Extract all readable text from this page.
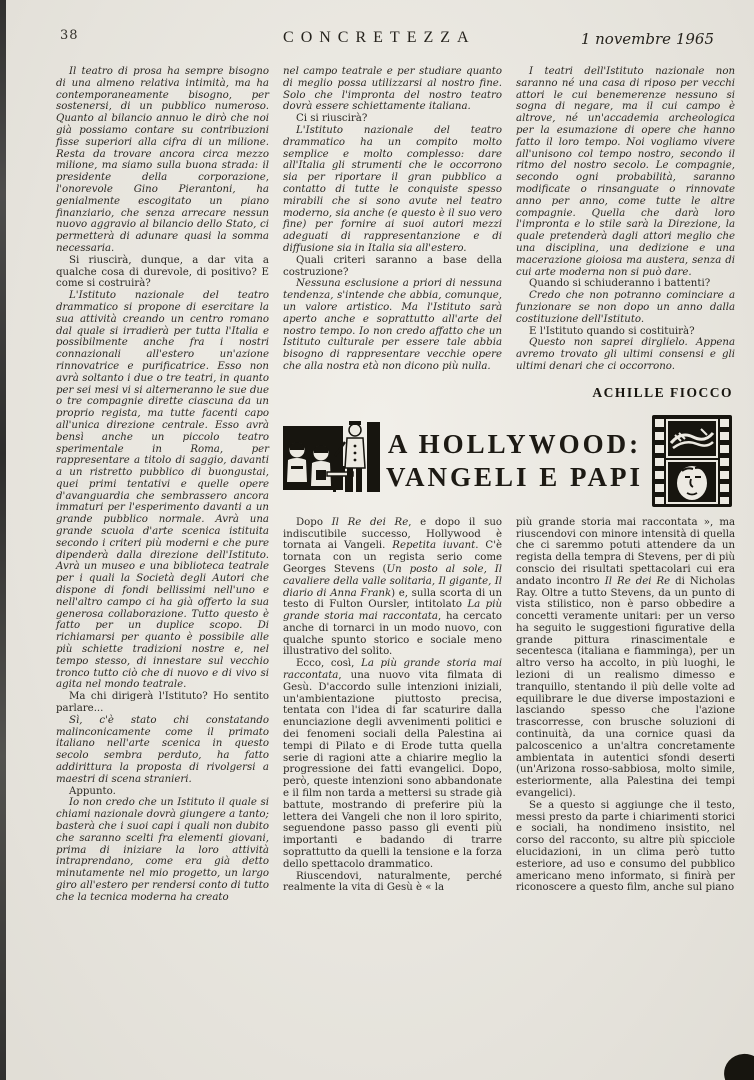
38	CONCRETEZZA	1 novembre 1965

Il teatro di prosa ha sempre bisogno di una almeno relativa intimità, ma ha contemporaneamente bisogno, per sostenersi, di un pubblico numeroso. Quanto al bilancio annuo le dirò che noi già possiamo contare su contribuzioni fisse superiori alla cifra di un milione. Resta da trovare ancora circa mezzo milione, ma siamo sulla buona strada: il presidente della corporazione, l'onorevole Gino Pierantoni, ha genialmente escogitato un piano finanziario, che senza arrecare nessun nuovo aggravio al bilancio dello Stato, ci permetterà di adunare quasi la somma necessaria.

Si riuscirà, dunque, a dar vita a qualche cosa di durevole, di positivo? E come si costruirà?

L'Istituto nazionale del teatro drammatico si propone di esercitare la sua attività creando un centro romano dal quale si irradierà per tutta l'Italia e possibilmente anche fra i nostri connazionali all'estero un'azione rinnovatrice e purificatrice. Esso non avrà soltanto i due o tre teatri, in quanto per sei mesi vi si alterneranno le sue due o tre compagnie dirette ciascuna da un proprio regista, ma tutte facenti capo all'unica direzione centrale. Esso avrà bensì anche un piccolo teatro sperimentale in Roma, per rappresentare a titolo di saggio, davanti a un ristretto pubblico di buongustai, quei primi tentativi e quelle opere d'avanguardia che sembrassero ancora immaturi per l'esperimento davanti a un grande pubblico normale. Avrà una grande scuola d'arte scenica istituita secondo i criteri più moderni e che pure dipenderà dalla direzione dell'Istituto. Avrà un museo e una biblioteca teatrale per i quali la Società degli Autori che dispone di fondi bellissimi nell'uno e nell'altro campo ci ha già offerto la sua generosa collaborazione. Tutto questo è fatto per un duplice scopo. Di richiamarsi per quanto è possibile alle più schiette tradizioni nostre e, nel tempo stesso, di innestare sul vecchio tronco tutto ciò che di nuovo e di vivo si agita nel mondo teatrale.

Ma chi dirigerà l'Istituto? Ho sentito parlare...

Sì, c'è stato chi constatando malinconicamente come il primato italiano nell'arte scenica in questo secolo sembra perduto, ha fatto addirittura la proposta di rivolgersi a maestri di scena stranieri.

Appunto.

Io non credo che un Istituto il quale si chiami nazionale dovrà giungere a tanto; basterà che i suoi capi i quali non dubito che saranno scelti fra elementi giovani, prima di iniziare la loro attività intraprendano, come era già detto minutamente nel mio progetto, un largo giro all'estero per rendersi conto di tutto che la tecnica moderna ha creato

nel campo teatrale e per studiare quanto di meglio possa utilizzarsi al nostro fine. Solo che l'impronta del nostro teatro dovrà essere schiettamente italiana.

Ci si riuscirà?

L'Istituto nazionale del teatro drammatico ha un compito molto semplice e molto complesso: dare all'Italia gli strumenti che le occorrono sia per riportare il gran pubblico a contatto di tutte le conquiste spesso mirabili che si sono avute nel teatro moderno, sia anche (e questo è il suo vero fine) per fornire ai suoi autori mezzi adeguati di rappresentanzione e di diffusione sia in Italia sia all'estero.

Quali criteri saranno a base della costruzione?

Nessuna esclusione a priori di nessuna tendenza, s'intende che abbia, comunque, un valore artistico. Ma l'Istituto sarà aperto anche e soprattutto all'arte del nostro tempo. Io non credo affatto che un Istituto culturale per essere tale abbia bisogno di rappresentare vecchie opere che alla nostra età non dicono più nulla.

I teatri dell'Istituto nazionale non saranno né una casa di riposo per vecchi attori le cui benemerenze nessuno si sogna di negare, ma il cui campo è altrove, né un'accademia archeologica per la esumazione di opere che hanno fatto il loro tempo. Noi vogliamo vivere all'unisono col tempo nostro, secondo il ritmo del nostro secolo. Le compagnie, secondo ogni probabilità, saranno modificate o rinsanguate o rinnovate anno per anno, come tutte le altre compagnie. Quella che darà loro l'impronta e lo stile sarà la Direzione, la quale pretenderà dagli attori meglio che una disciplina, una dedizione e una macerazione gioiosa ma austera, senza di cui arte moderna non si può dare.

Quando si schiuderanno i battenti?

Credo che non potranno cominciare a funzionare se non dopo un anno dalla costituzione dell'Istituto.

E l'Istituto quando si costituirà?

Questo non saprei dirglielo. Appena avremo trovato gli ultimi consensi e gli ultimi denari che ci occorrono.

ACHILLE FIOCCO
A HOLLYWOOD:
VANGELI E PAPI

Dopo Il Re dei Re, e dopo il suo indiscutibile successo, Hollywood è tornata ai Vangeli. Repetita iuvant. C'è tornata con un regista serio come Georges Stevens (Un posto al sole, Il cavaliere della valle solitaria, Il gigante, Il diario di Anna Frank) e, sulla scorta di un testo di Fulton Oursler, intitolato La più grande storia mai raccontata, ha cercato anche di tornarci in un modo nuovo, con qualche spunto storico e sociale meno illustrativo del solito.

Ecco, così, La più grande storia mai raccontata, una nuovo vita filmata di Gesù. D'accordo sulle intenzioni iniziali, un'ambientazione piuttosto precisa, tentata con l'idea di far scaturire dalla enunciazione degli avvenimenti politici e dei fenomeni sociali della Palestina ai tempi di Pilato e di Erode tutta quella serie di ragioni atte a chiarire meglio la progressione dei fatti evangelici. Dopo, però, queste intenzioni sono abbandonate e il film non tarda a mettersi su strade già battute, mostrando di preferire più la lettera dei Vangeli che non il loro spirito, seguendone passo passo gli eventi più importanti e badando di trarre soprattutto da quelli la tensione e la forza dello spettacolo drammatico.

Riuscendovi, naturalmente, perché realmente la vita di Gesù è « la

più grande storia mai raccontata », ma riuscendovi con minore intensità di quella che ci saremmo potuti attendere da un regista della tempra di Stevens, per di più conscio dei risultati spettacolari cui era andato incontro Il Re dei Re di Nicholas Ray. Oltre a tutto Stevens, da un punto di vista stilistico, non è parso obbedire a concetti veramente unitari: per un verso ha seguito le suggestioni figurative della grande pittura rinascimentale e secentesca (italiana e fiamminga), per un altro verso ha accolto, in più luoghi, le lezioni di un realismo dimesso e tranquillo, stentando il più delle volte ad equilibrare le due diverse impostazioni e lasciando spesso che l'azione trascorresse, con brusche soluzioni di continuità, da una cornice quasi da palcoscenico a un'altra concretamente ambientata in autentici sfondi deserti (un'Arizona rosso-sabbiosa, molto simile, esteriormente, alla Palestina dei tempi evangelici).

Se a questo si aggiunge che il testo, messi presto da parte i chiarimenti storici e sociali, ha nondimeno insistito, nel corso del racconto, su altre più spicciole elucidazioni, in un clima però tutto esteriore, ad uso e consumo del pubblico americano meno informato, si finirà per riconoscere a questo film, anche sul piano
